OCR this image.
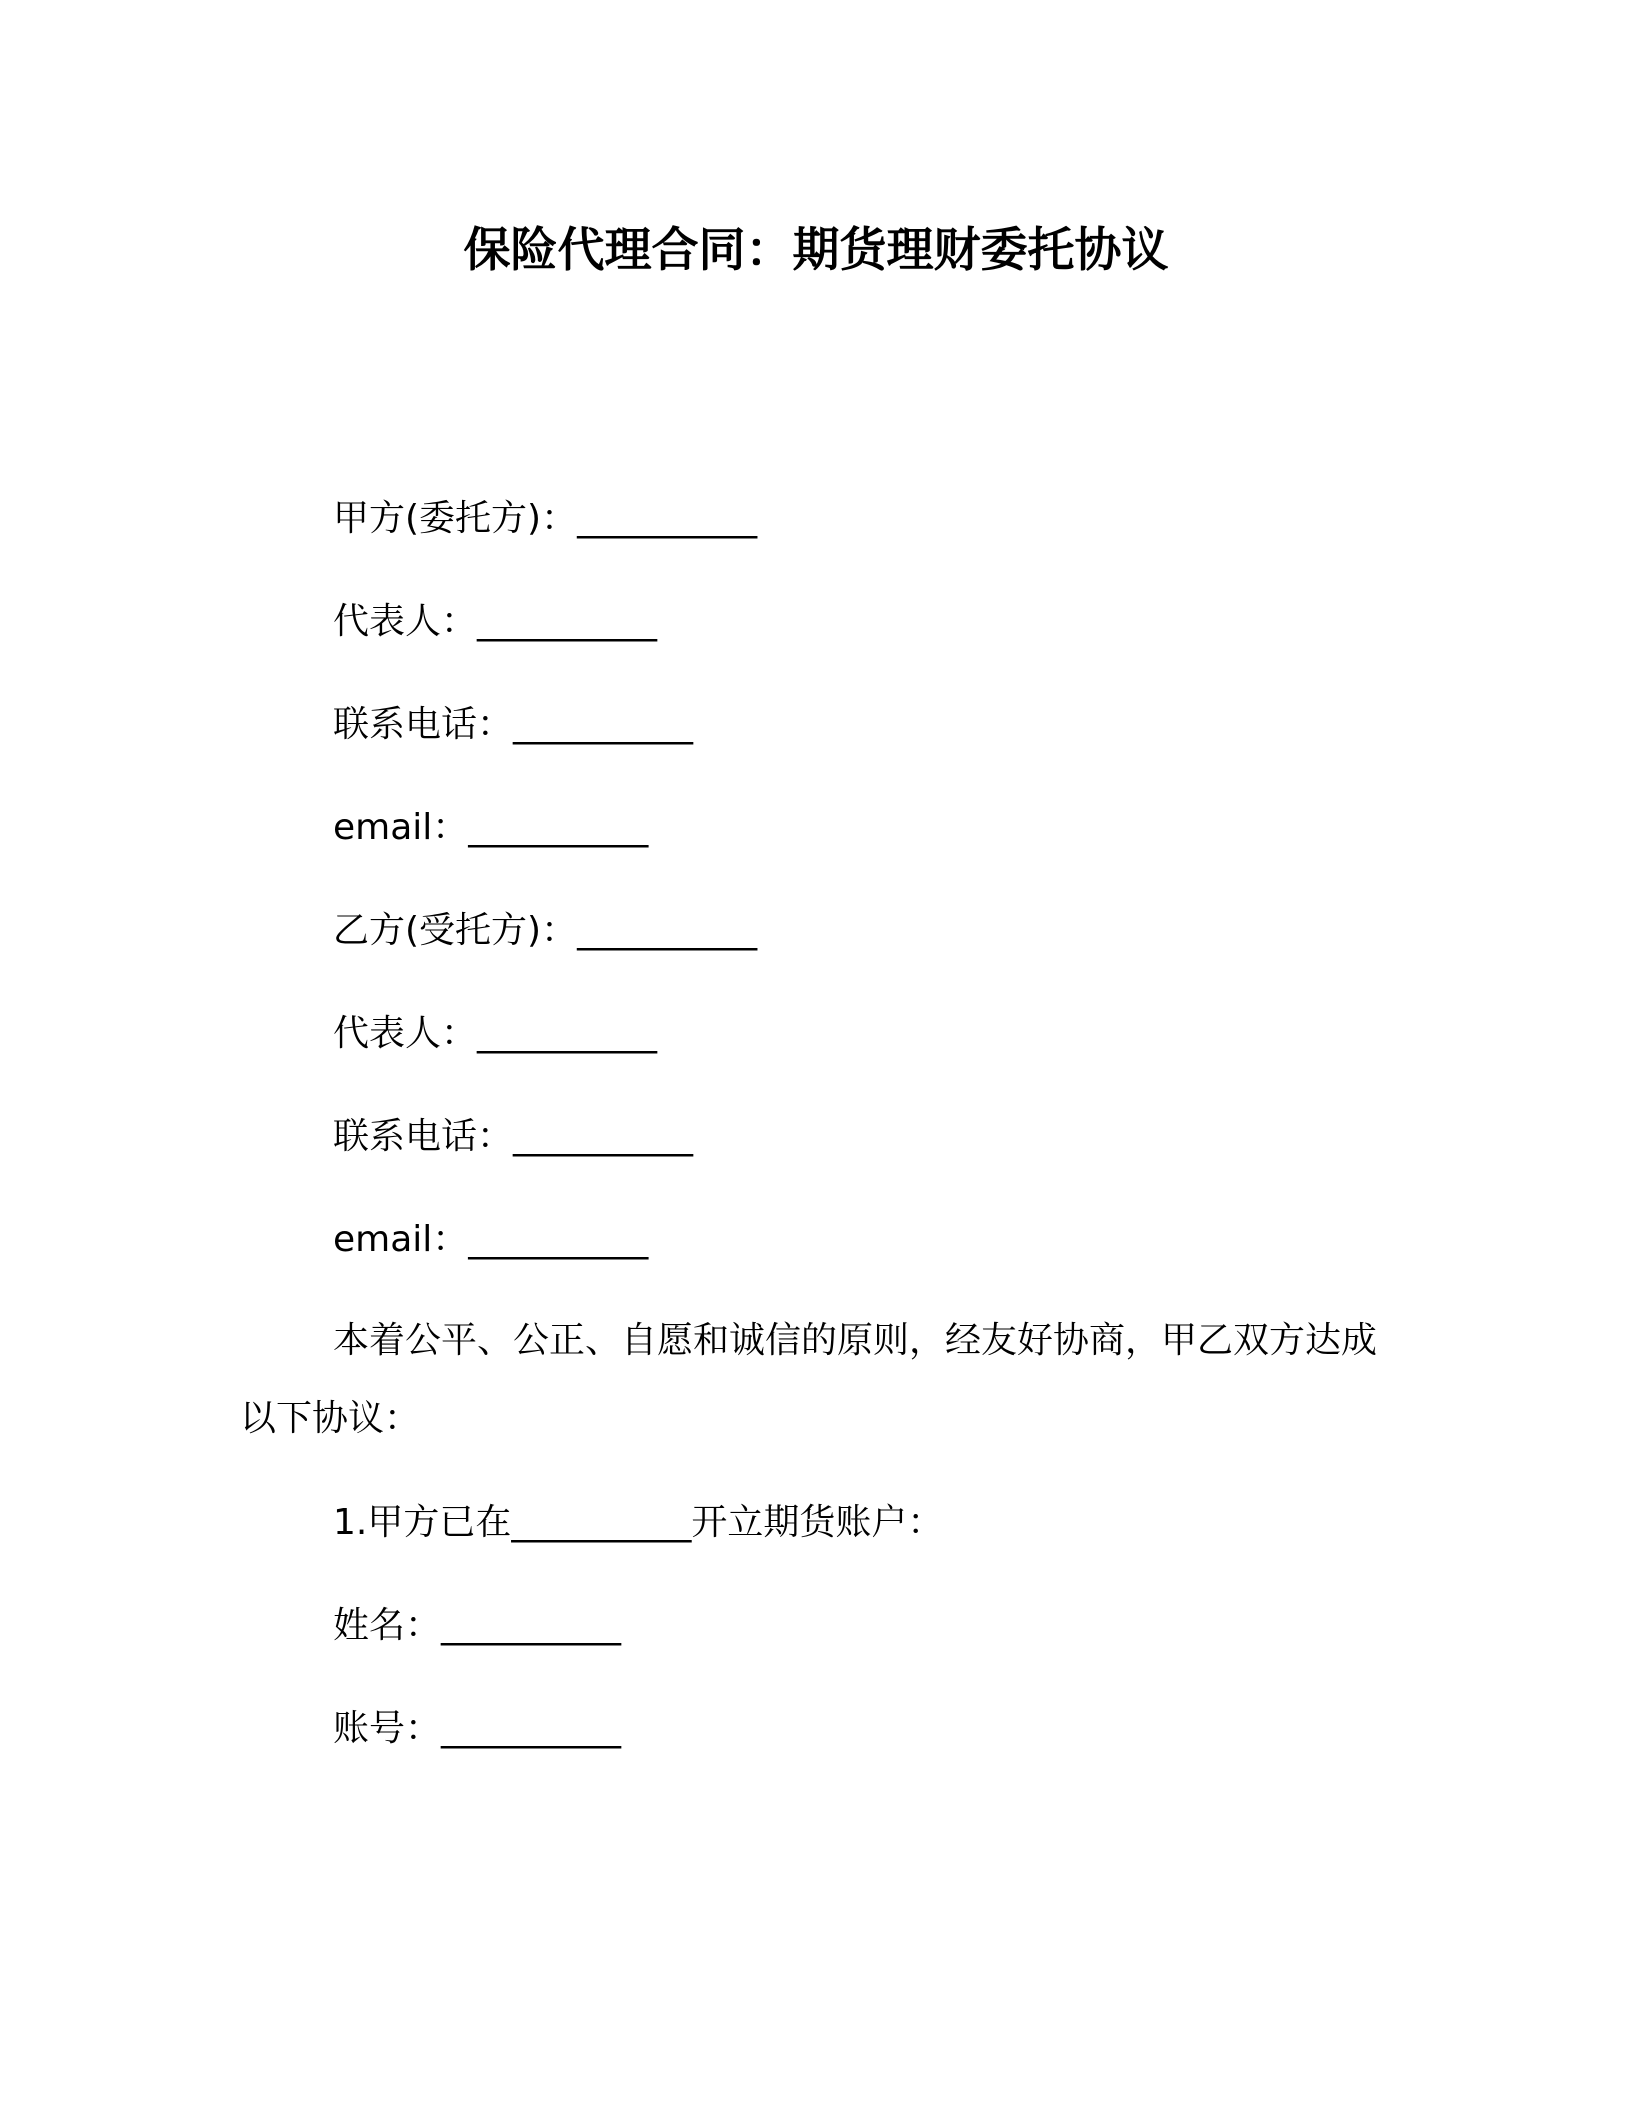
保险代理合同：期货理财委托协议
甲方(委托方)：__________
代表人：__________
联系电话：__________
email：__________
乙方(受托方)：__________
代表人：__________
联系电话：__________
email：__________
本着公平、公正、自愿和诚信的原则，经友好协商，甲乙双方达成以下协议：
1.甲方已在__________开立期货账户：
姓名：__________
账号：__________
